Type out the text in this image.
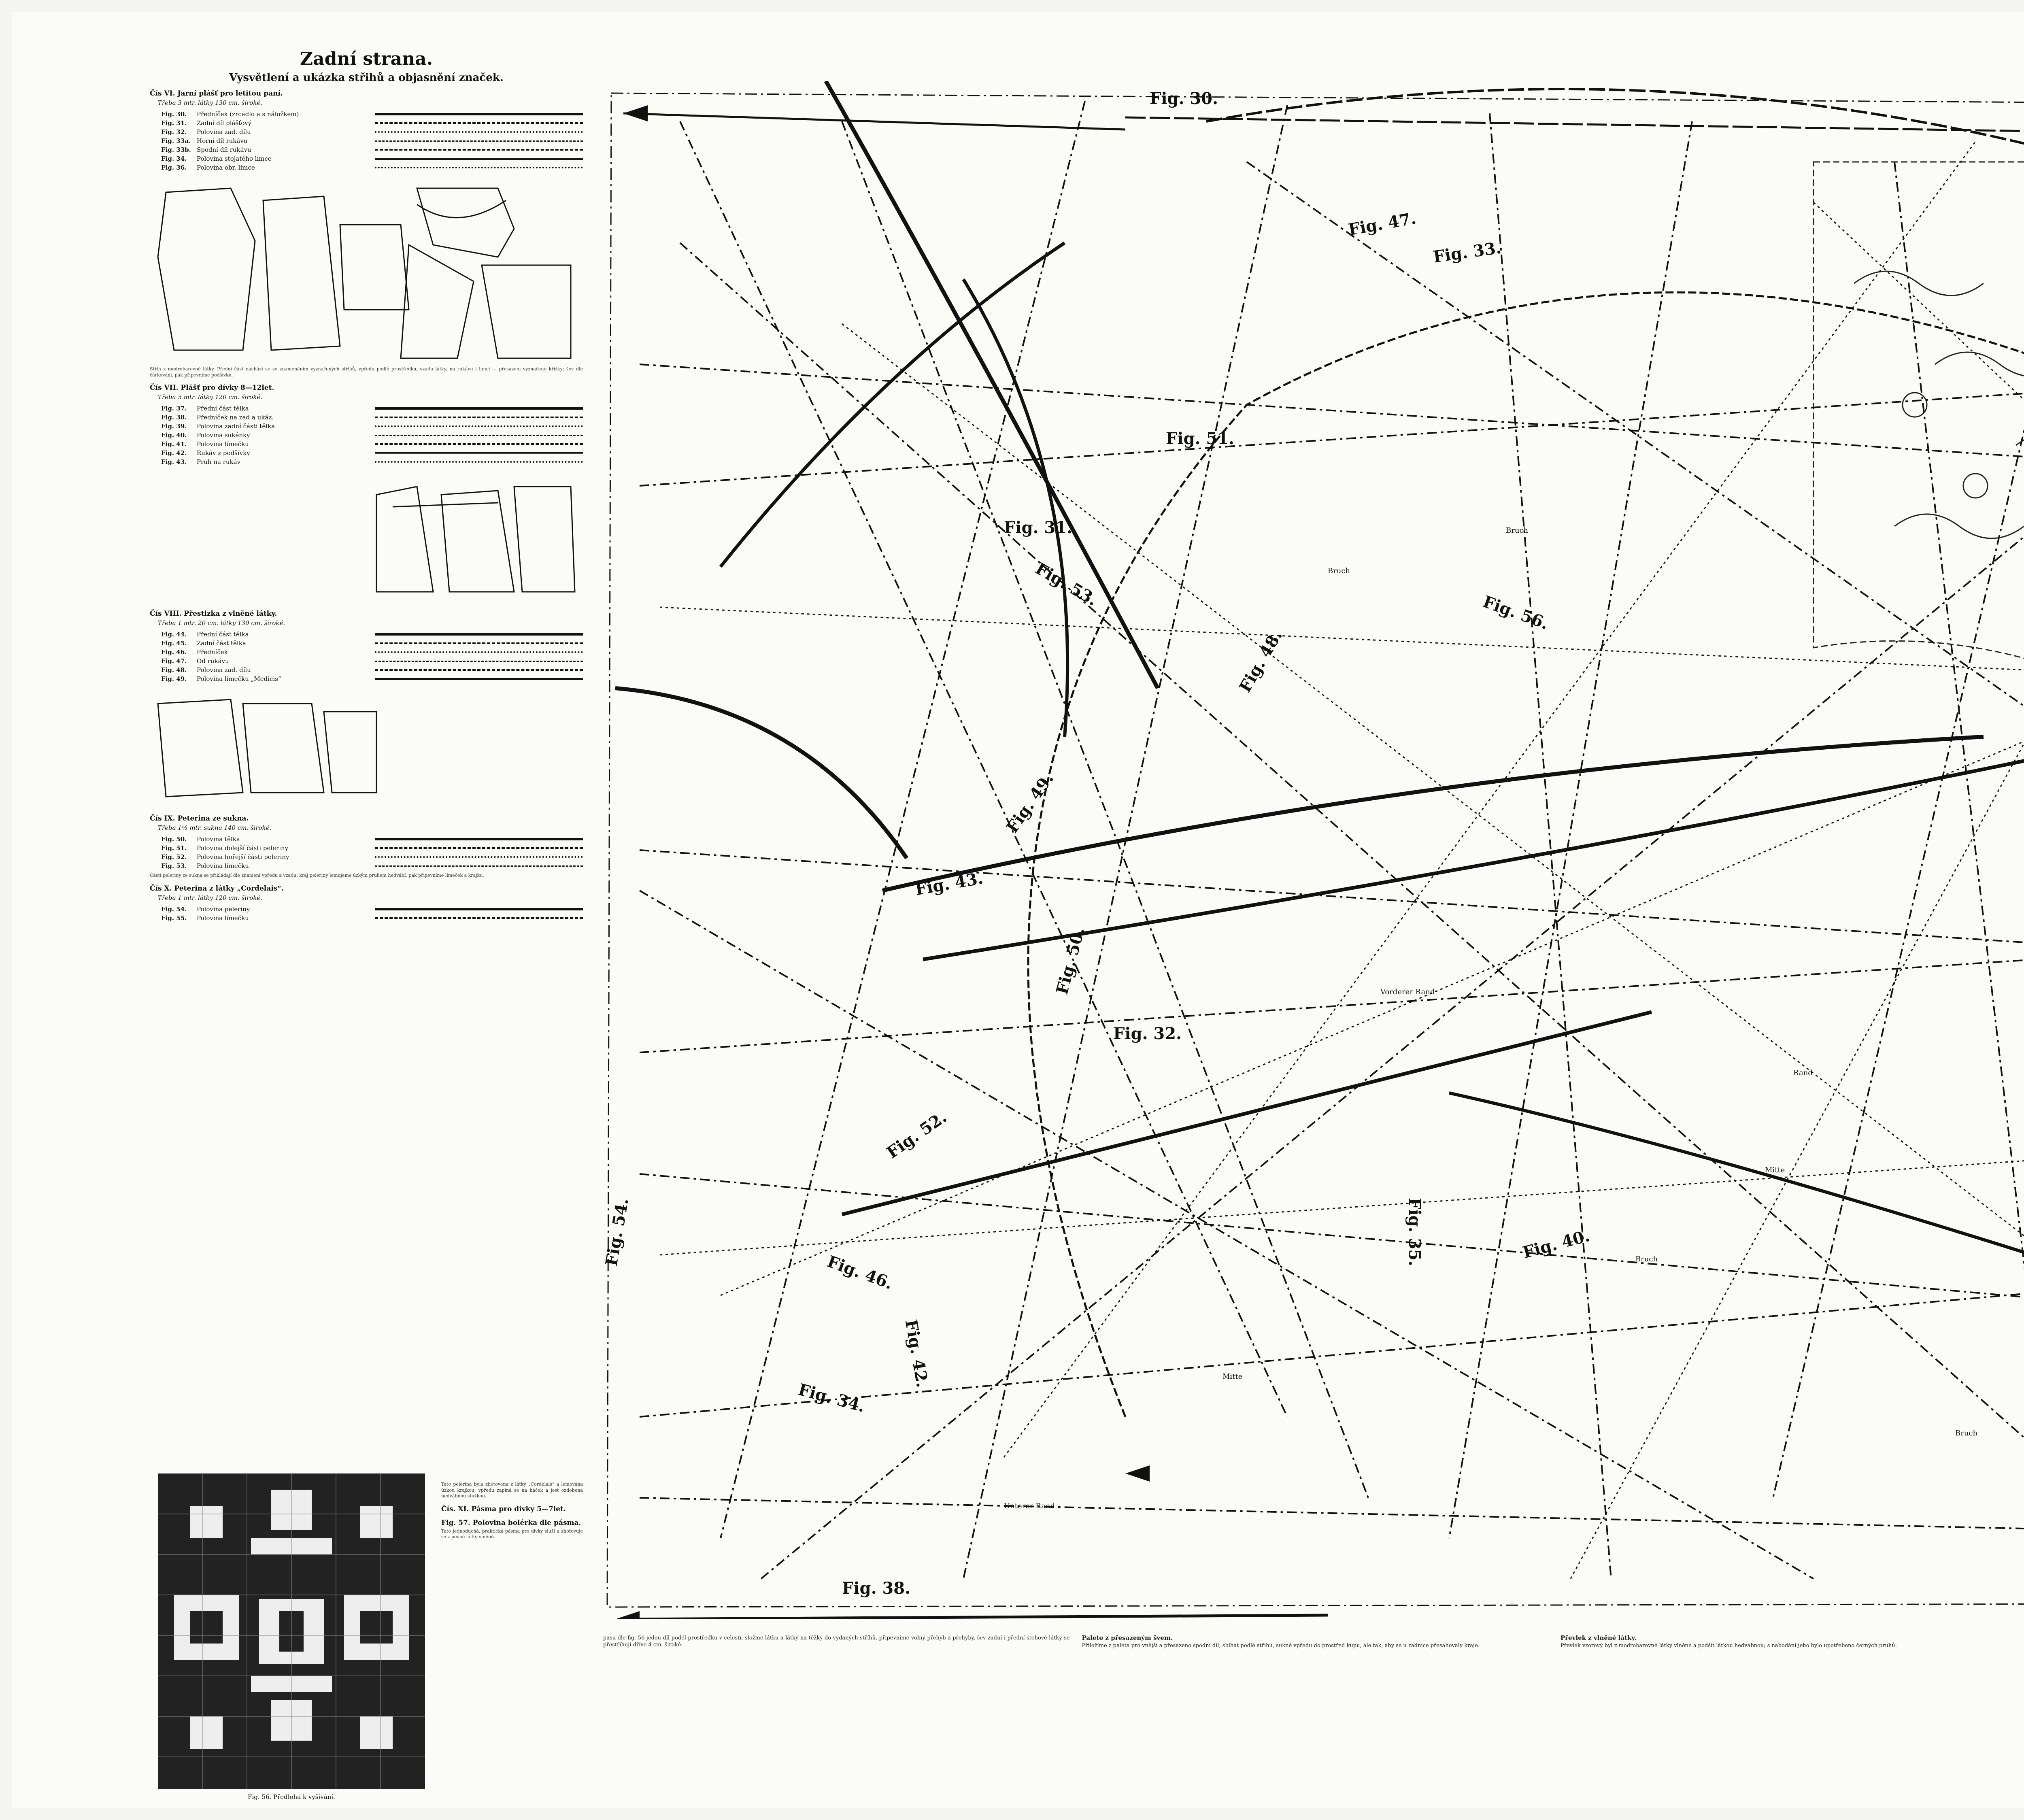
Zadní strana.
Vysvětlení a ukázka střihů a objasnění značek.
Čís VI. Jarní plášť pro letitou paní.
Třeba 3 mtr. látky 130 cm. široké.
Fig. 30.	Předníček (zrcadlo a s náložkem)
Fig. 31.	Zadní díl plášťový
Fig. 32.	Polovina zad. dílu
Fig. 33a. Horní díl rukávu
Fig. 33b. Spodní díl rukávu
Fig. 34.	Polovina stojatého límce
Fig. 36.	Polovina obr. límce
Střih z modrobarevné látky. Přední část nachází se se znamenáním vyznačených střihů, vpředu podlé prostředku, vzadu látky, na rukávu i límci — přesazení vyznačeno křížky; šev dle čárkování, pak připevníme podšívku.
Čís VII. Plášť pro dívky 8—12let.
Třeba 3 mtr. látky 120 cm. široké.
Fig. 37.	Přední část tělka
Fig. 38.	Předníček na zad a ukáz.
Fig. 39.	Polovina zadní části tělka
Fig. 40.	Polovina sukénky
Fig. 41.	Polovina límečku
Fig. 42.	Rukáv z podšívky
Fig. 43.	Pruh na rukáv
Čís VIII. Přestizka z vlněné látky.
Třeba 1 mtr. 20 cm. látky 130 cm. široké.
Fig. 44.	Přední část tělka
Fig. 45.	Zadní část tělka
Fig. 46.	Předníček
Fig. 47.	Od rukávu
Fig. 48.	Polovina zad. dílu
Fig. 49.	Polovina límečku „Medicis“
Čís IX. Peterina ze sukna.
Třeba 1½ mtr. sukna 140 cm. široké.
Fig. 50.	Polovina tělka
Fig. 51.	Polovina dolejší části peleriny
Fig. 52.	Polovina hořejší části peleriny
Fig. 53.	Polovina límečku
Části peleriny ze sukna se přikládají dle znamení vpředu a vzadu; kraj peleriny lemujeme úzkým pruhem hedvábí, pak připevníme límeček a krajku.
Čís X. Peterina z látky „Cordelais“.
Třeba 1 mtr. látky 120 cm. široké.
Fig. 54.	Polovina peleriny
Fig. 55.	Polovina límečku
Fig. 56. Předloha k vyšívání.
Tato pelerina byla zhotovena z látky „Cordelais“ a lemována úzkou krajkou; vpředu zapíná se na háček a jest ozdobena hedvábnou stužkou.
Čís. XI. Pásma pro dívky 5—7let.
Fig. 57. Polovina bolérka dle pásma.
Tato jednoduchá, praktická pásma pro dívky sluší a zhotovuje se z pevné látky vlněné.
Fig. 30.
Fig. 31.
Fig. 32.
Fig. 33.
Fig. 34.
Fig. 35.
Fig. 38.
Fig. 40.
Fig. 42.
Fig. 43.
Fig. 46.
Fig. 47.
Fig. 48.
Fig. 49.
Fig. 50.
Fig. 51.
Fig. 52.
Fig. 53.
Fig. 54.
Fig. 56.
Bruch
Bruch
Bruch
Mitte
Mitte
Unterer Rand
Vorderer Rand
Rand
Bruch
pasu dle fig. 56 jedou díl podél prostředku v celosti, složme látku a látky na těžky do vydaných stříhů, připevníme volný přehyb a přehyby, šev zadní i přední stehové látky se přestřihují dříve 4 cm. široké.
Paleto z přesazeným švem.
Přiložíme z paleta pro vnější a přesazeno spodní díl, sbíhat podlé střihu, sukně vpředu do prostřed kupu, ale tak, aby se u zadnice přesahovaly kraje.
Převlek z vlněné látky.
Převlek vzorový byl z modrobarevné látky vlněné a podšit látkou hedvábnou; s nabodání jeho bylo upotřebeno černých pruhů.
